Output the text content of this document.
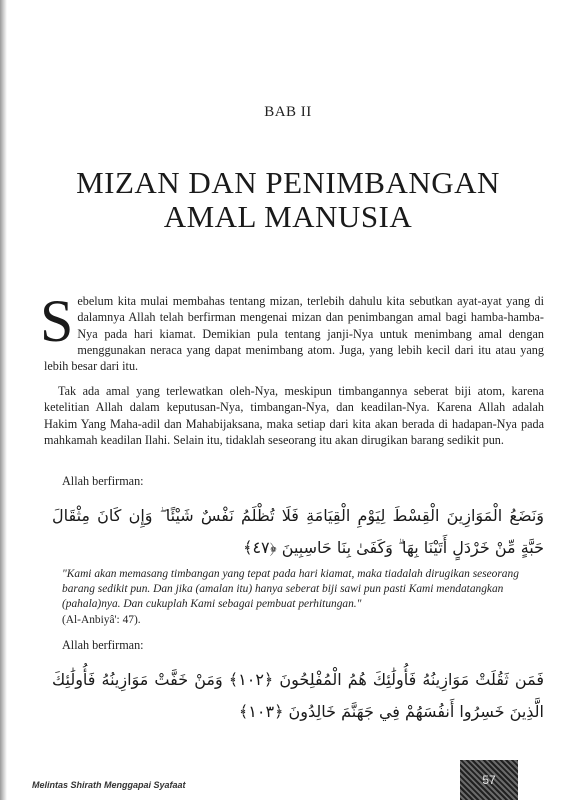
BAB II
MIZAN DAN PENIMBANGAN
AMAL MANUSIA
Sebelum kita mulai membahas tentang mizan, terlebih dahulu kita sebutkan ayat-ayat yang di dalamnya Allah telah berfirman mengenai mizan dan penimbangan amal bagi hamba-hamba-Nya pada hari kiamat. Demikian pula tentang janji-Nya untuk menimbang amal dengan menggunakan neraca yang dapat menimbang atom. Juga, yang lebih kecil dari itu atau yang lebih besar dari itu.
Tak ada amal yang terlewatkan oleh-Nya, meskipun timbangannya seberat biji atom, karena ketelitian Allah dalam keputusan-Nya, timbangan-Nya, dan keadilan-Nya. Karena Allah adalah Hakim Yang Maha-adil dan Mahabijaksana, maka setiap dari kita akan berada di hadapan-Nya pada mahkamah keadilan Ilahi. Selain itu, tidaklah seseorang itu akan dirugikan barang sedikit pun.
Allah berfirman:
وَنَضَعُ الْمَوَازِينَ الْقِسْطَ لِيَوْمِ الْقِيَامَةِ فَلَا تُظْلَمُ نَفْسٌ شَيْئًا ۖ وَإِن كَانَ مِثْقَالَ حَبَّةٍ مِّنْ خَرْدَلٍ أَتَيْنَا بِهَا ۗ وَكَفَىٰ بِنَا حَاسِبِينَ ﴿٤٧﴾
"Kami akan memasang timbangan yang tepat pada hari kiamat, maka tiadalah dirugikan seseorang barang sedikit pun. Dan jika (amalan itu) hanya seberat biji sawi pun pasti Kami mendatangkan (pahala)nya. Dan cukuplah Kami sebagai pembuat perhitungan."
(Al-Anbiyâ': 47).
Allah berfirman:
فَمَن ثَقُلَتْ مَوَازِينُهُ فَأُولَٰئِكَ هُمُ الْمُفْلِحُونَ ﴿١٠٢﴾ وَمَنْ خَفَّتْ مَوَازِينُهُ فَأُولَٰئِكَ الَّذِينَ خَسِرُوا أَنفُسَهُمْ فِي جَهَنَّمَ خَالِدُونَ ﴿١٠٣﴾
Melintas Shirath Menggapai Syafaat	57
